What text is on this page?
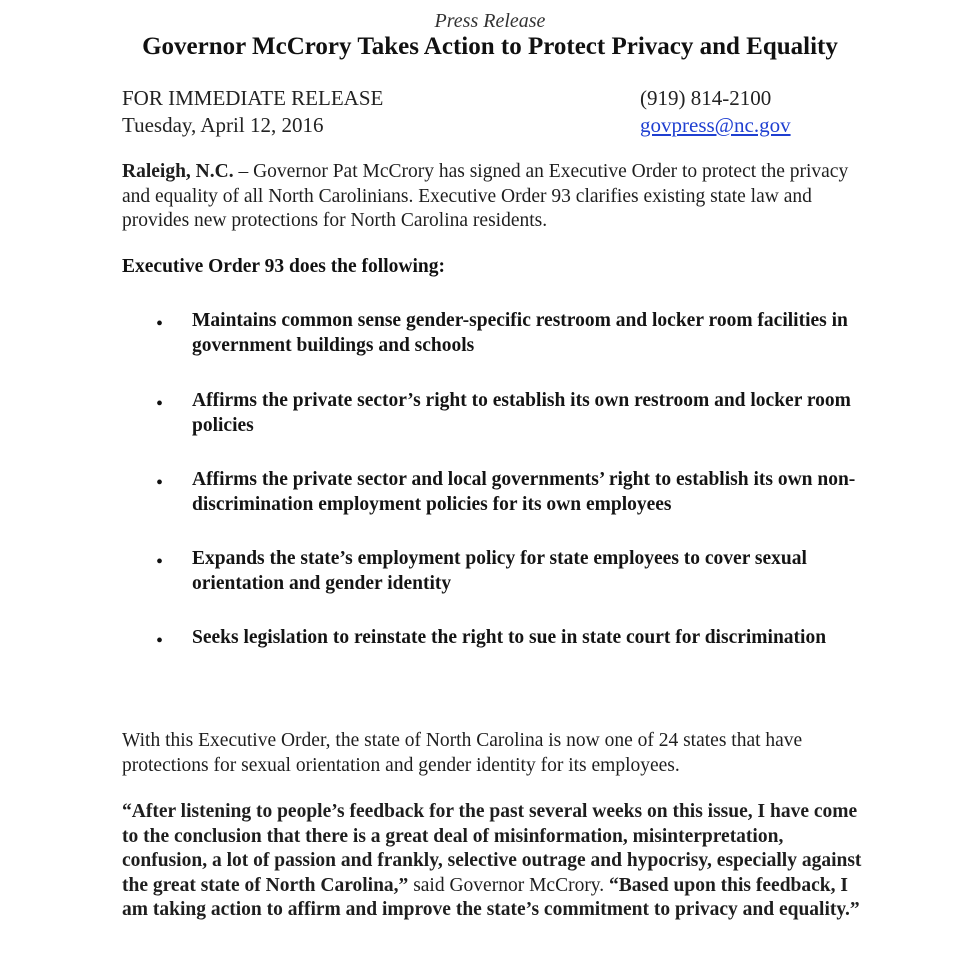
Press Release
Governor McCrory Takes Action to Protect Privacy and Equality
FOR IMMEDIATE RELEASE
Tuesday, April 12, 2016
(919) 814-2100
govpress@nc.gov
Raleigh, N.C. – Governor Pat McCrory has signed an Executive Order to protect the privacy and equality of all North Carolinians. Executive Order 93 clarifies existing state law and provides new protections for North Carolina residents.
Executive Order 93 does the following:
• Maintains common sense gender-specific restroom and locker room facilities in government buildings and schools
• Affirms the private sector’s right to establish its own restroom and locker room policies
• Affirms the private sector and local governments’ right to establish its own non-discrimination employment policies for its own employees
• Expands the state’s employment policy for state employees to cover sexual orientation and gender identity
• Seeks legislation to reinstate the right to sue in state court for discrimination
With this Executive Order, the state of North Carolina is now one of 24 states that have protections for sexual orientation and gender identity for its employees.
“After listening to people’s feedback for the past several weeks on this issue, I have come to the conclusion that there is a great deal of misinformation, misinterpretation, confusion, a lot of passion and frankly, selective outrage and hypocrisy, especially against the great state of North Carolina,” said Governor McCrory. “Based upon this feedback, I am taking action to affirm and improve the state’s commitment to privacy and equality.”
